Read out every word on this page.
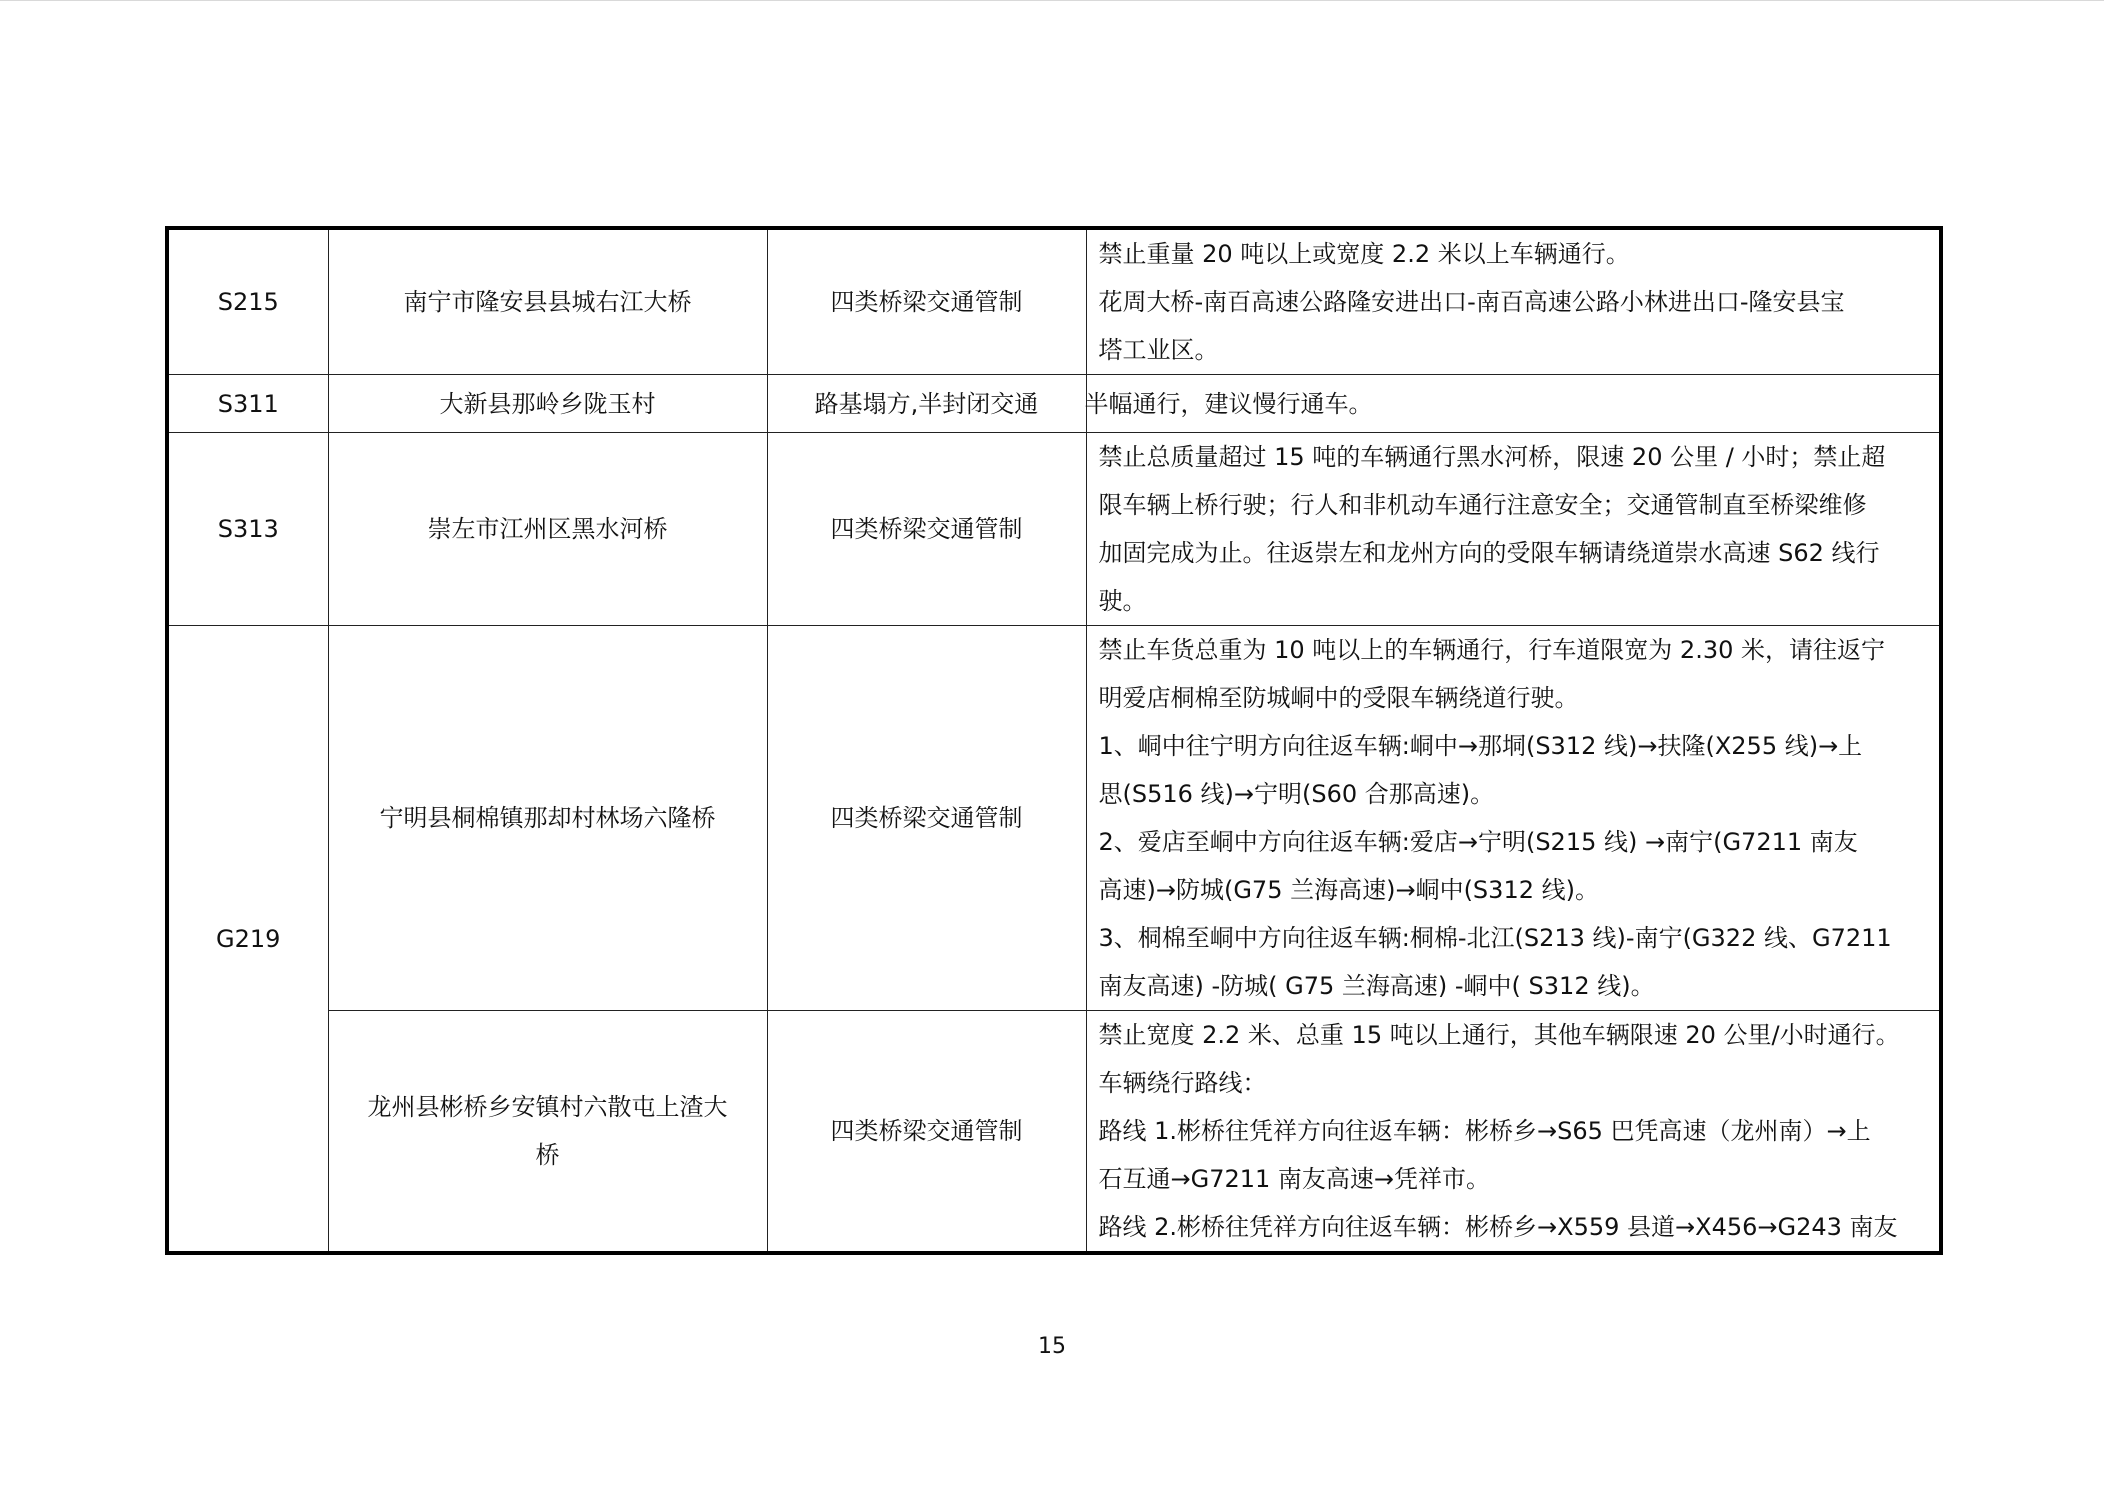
S215	南宁市隆安县县城右江大桥	四类桥梁交通管制	禁止重量 20 吨以上或宽度 2.2 米以上车辆通行。
花周大桥-南百高速公路隆安进出口-南百高速公路小林进出口-隆安县宝
塔工业区。

S311	大新县那岭乡陇玉村	路基塌方,半封闭交通	半幅通行，建议慢行通车。

S313	崇左市江州区黑水河桥	四类桥梁交通管制	禁止总质量超过 15 吨的车辆通行黑水河桥，限速 20 公里 / 小时；禁止超
限车辆上桥行驶；行人和非机动车通行注意安全；交通管制直至桥梁维修
加固完成为止。往返崇左和龙州方向的受限车辆请绕道崇水高速 S62 线行
驶。

G219	宁明县桐棉镇那却村林场六隆桥	四类桥梁交通管制	
禁止车货总重为 10 吨以上的车辆通行，行车道限宽为 2.30 米，请往返宁
明爱店桐棉至防城峒中的受限车辆绕道行驶。
1、峒中往宁明方向往返车辆:峒中→那垌(S312 线)→扶隆(X255 线)→上
思(S516 线)→宁明(S60 合那高速)。
2、爱店至峒中方向往返车辆:爱店→宁明(S215 线) →南宁(G7211 南友
高速)→防城(G75 兰海高速)→峒中(S312 线)。
3、桐棉至峒中方向往返车辆:桐棉-北江(S213 线)-南宁(G322 线、G7211
南友高速) -防城( G75 兰海高速) -峒中( S312 线)。

	龙州县彬桥乡安镇村六散屯上渣大
桥	四类桥梁交通管制	禁止宽度 2.2 米、总重 15 吨以上通行，其他车辆限速 20 公里/小时通行。
车辆绕行路线：
路线 1.彬桥往凭祥方向往返车辆：彬桥乡→S65 巴凭高速（龙州南）→上
石互通→G7211 南友高速→凭祥市。
路线 2.彬桥往凭祥方向往返车辆：彬桥乡→X559 县道→X456→G243 南友
15
